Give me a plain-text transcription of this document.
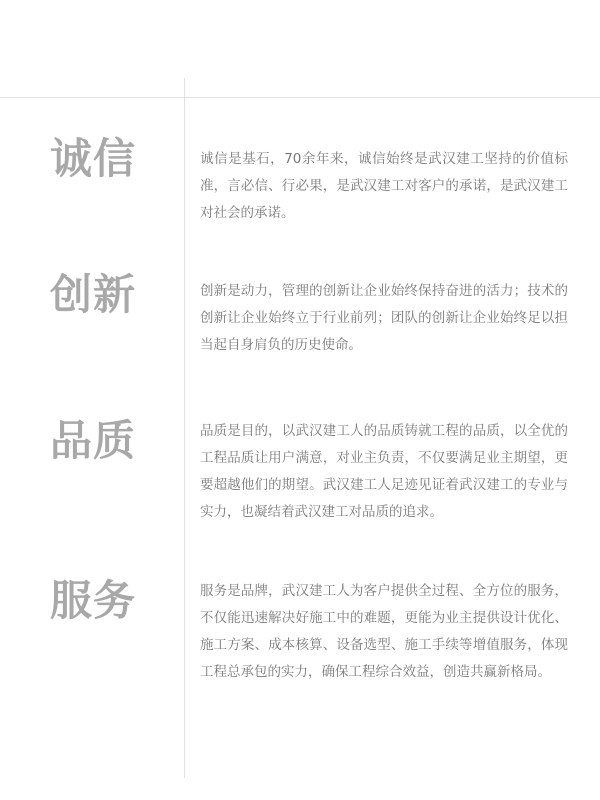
诚信	诚信是基石，70余年来，诚信始终是武汉建工坚持的价值标准，言必信、行必果，是武汉建工对客户的承诺，是武汉建工对社会的承诺。
创新	创新是动力，管理的创新让企业始终保持奋进的活力；技术的创新让企业始终立于行业前列；团队的创新让企业始终足以担当起自身肩负的历史使命。
品质	品质是目的，以武汉建工人的品质铸就工程的品质，以全优的工程品质让用户满意，对业主负责，不仅要满足业主期望，更要超越他们的期望。武汉建工人足迹见证着武汉建工的专业与实力，也凝结着武汉建工对品质的追求。
服务	服务是品牌，武汉建工人为客户提供全过程、全方位的服务，不仅能迅速解决好施工中的难题，更能为业主提供设计优化、施工方案、成本核算、设备选型、施工手续等增值服务，体现工程总承包的实力，确保工程综合效益，创造共赢新格局。
